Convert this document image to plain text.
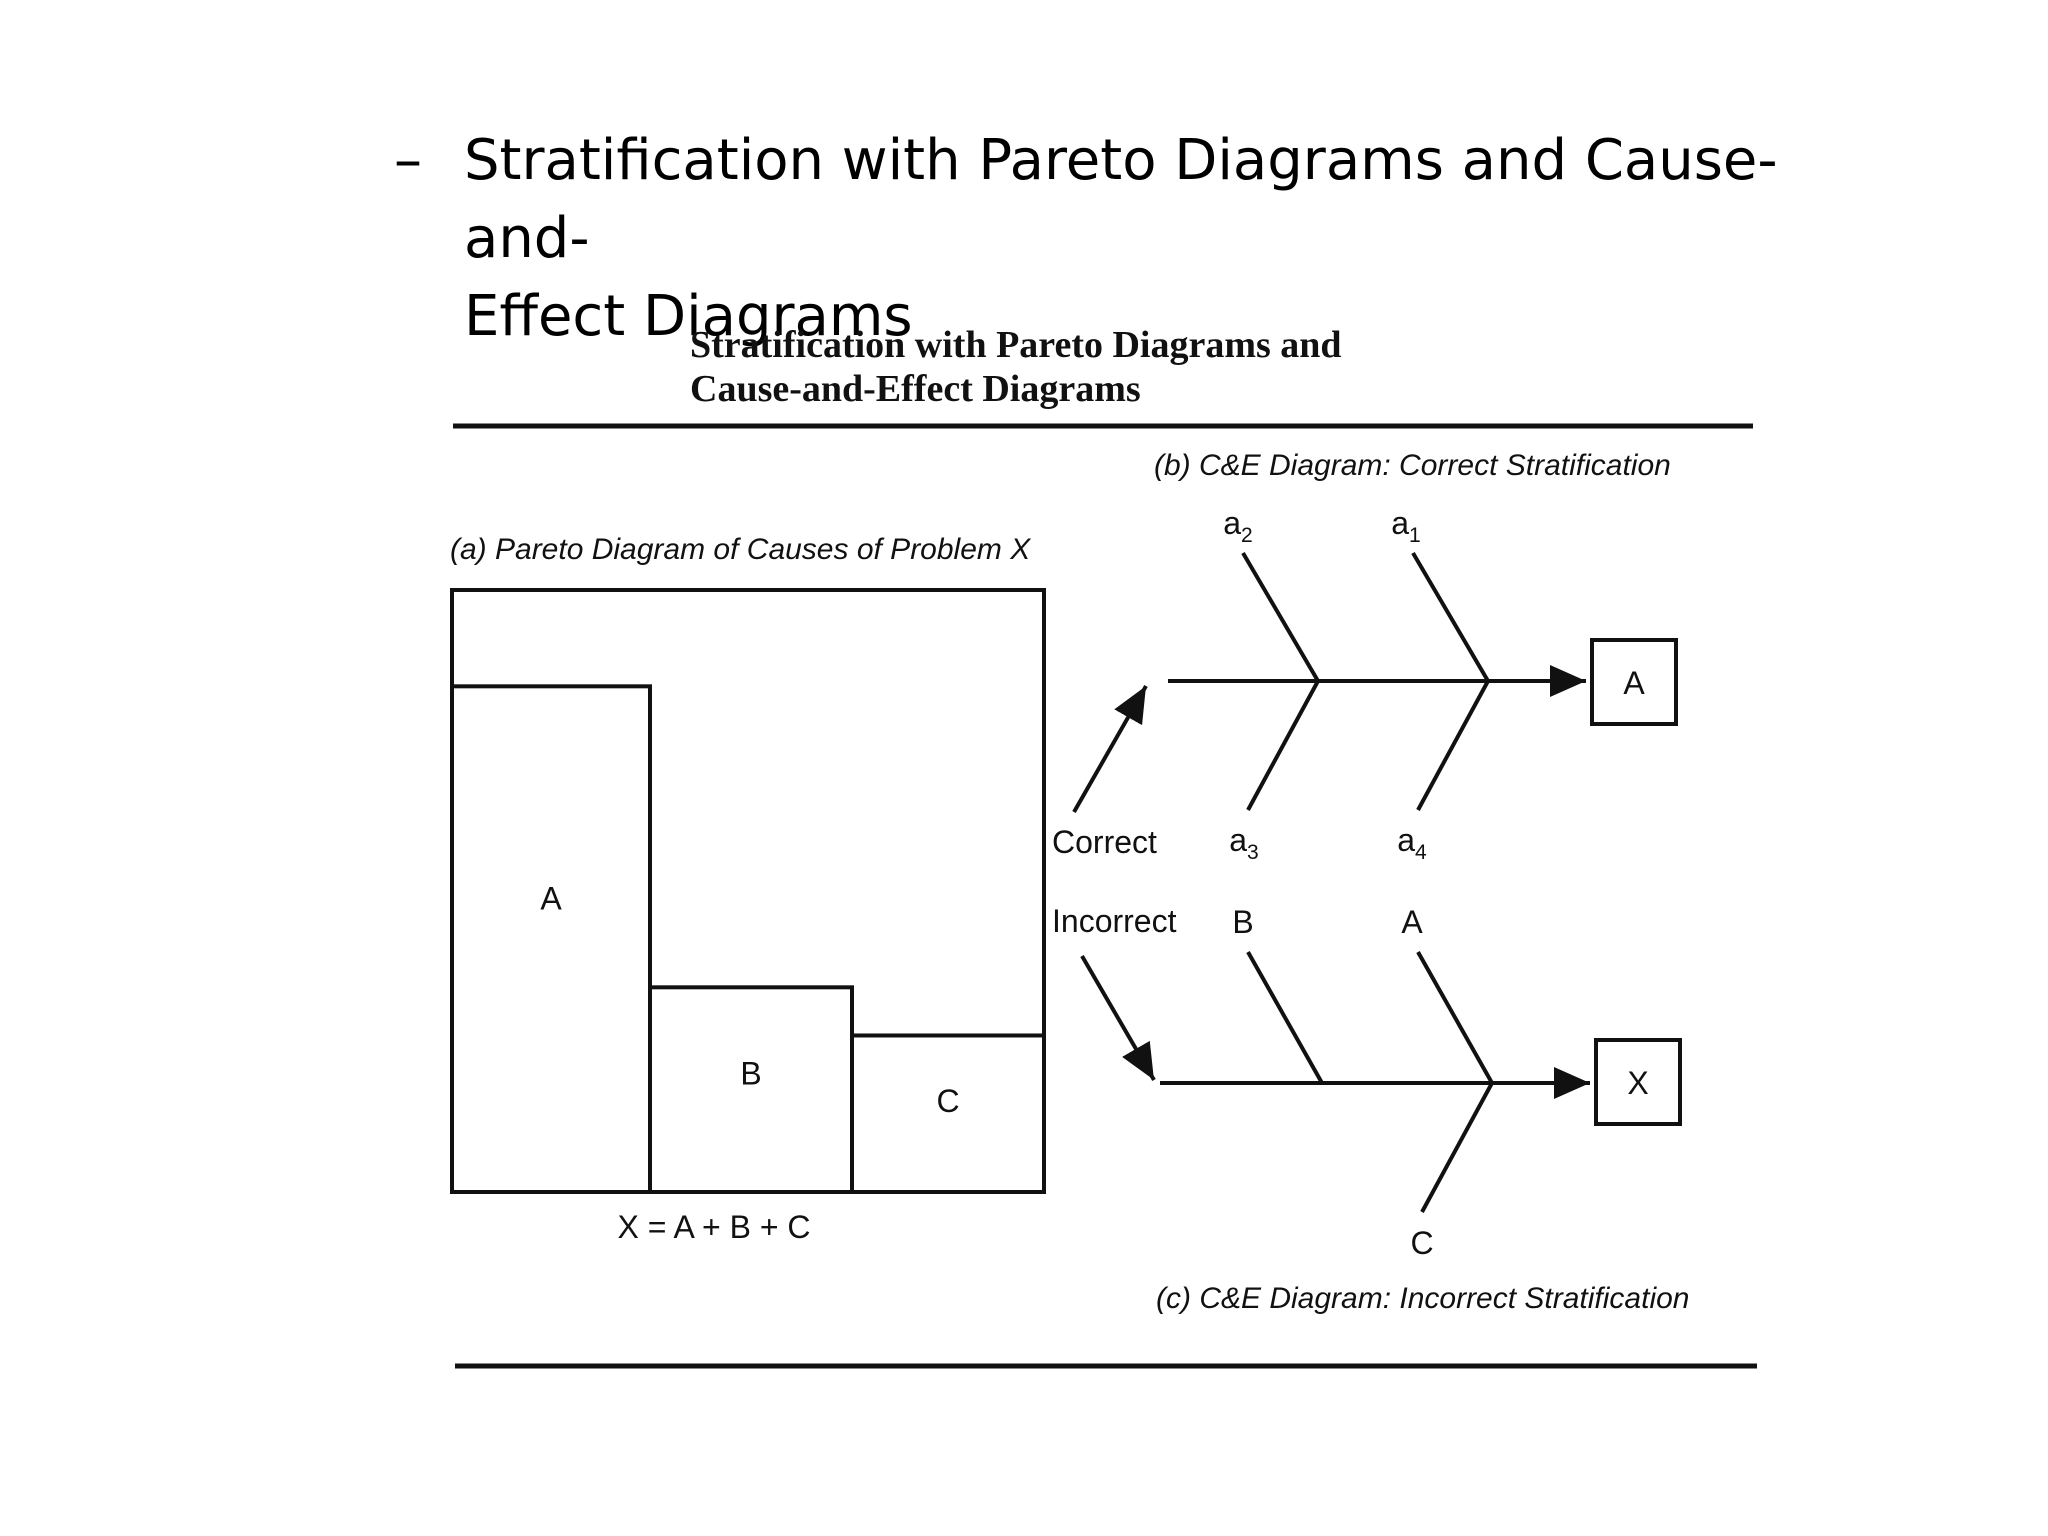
– Stratification with Pareto Diagrams and Cause-and-
Effect Diagrams
Stratification with Pareto Diagrams and
Cause-and-Effect Diagrams
(a) Pareto Diagram of Causes of Problem X
A
B
C
X = A + B + C
(b) C&E Diagram: Correct Stratification
A
$a_2$	$a_1$
$a_3$	$a_4$
Correct
Incorrect
X
B	A
C
(c) C&E Diagram: Incorrect Stratification
